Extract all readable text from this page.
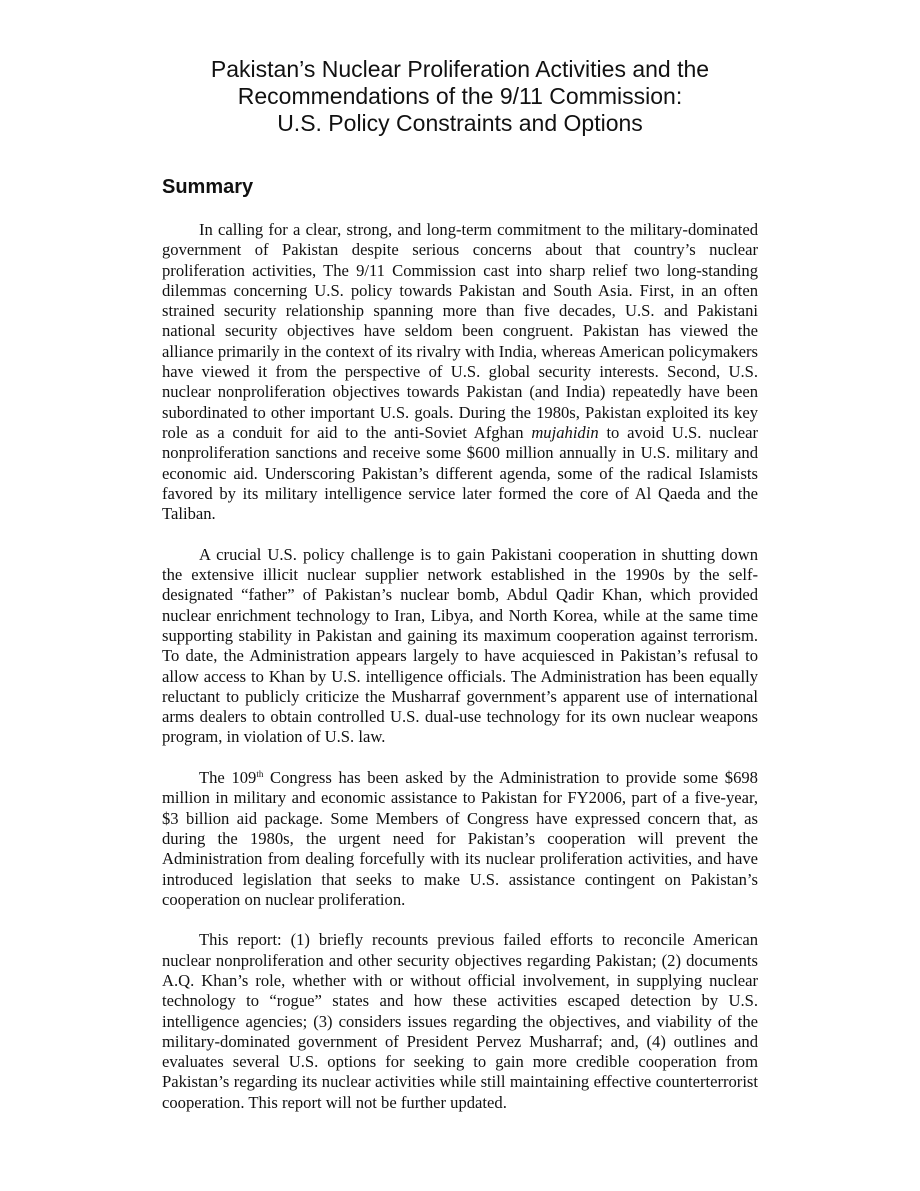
Pakistan’s Nuclear Proliferation Activities and the
Recommendations of the 9/11 Commission:
U.S. Policy Constraints and Options
Summary

In calling for a clear, strong, and long-term commitment to the military-dominated government of Pakistan despite serious concerns about that country’s nuclear proliferation activities, The 9/11 Commission cast into sharp relief two long-standing dilemmas concerning U.S. policy towards Pakistan and South Asia. First, in an often strained security relationship spanning more than five decades, U.S. and Pakistani national security objectives have seldom been congruent. Pakistan has viewed the alliance primarily in the context of its rivalry with India, whereas American policymakers have viewed it from the perspective of U.S. global security interests. Second, U.S. nuclear nonproliferation objectives towards Pakistan (and India) repeatedly have been subordinated to other important U.S. goals. During the 1980s, Pakistan exploited its key role as a conduit for aid to the anti-Soviet Afghan mujahidin to avoid U.S. nuclear nonproliferation sanctions and receive some $600 million annually in U.S. military and economic aid. Underscoring Pakistan’s different agenda, some of the radical Islamists favored by its military intelligence service later formed the core of Al Qaeda and the Taliban.

A crucial U.S. policy challenge is to gain Pakistani cooperation in shutting down the extensive illicit nuclear supplier network established in the 1990s by the self-designated “father” of Pakistan’s nuclear bomb, Abdul Qadir Khan, which provided nuclear enrichment technology to Iran, Libya, and North Korea, while at the same time supporting stability in Pakistan and gaining its maximum cooperation against terrorism. To date, the Administration appears largely to have acquiesced in Pakistan’s refusal to allow access to Khan by U.S. intelligence officials. The Administration has been equally reluctant to publicly criticize the Musharraf government’s apparent use of international arms dealers to obtain controlled U.S. dual-use technology for its own nuclear weapons program, in violation of U.S. law.

The 109th Congress has been asked by the Administration to provide some $698 million in military and economic assistance to Pakistan for FY2006, part of a five-year, $3 billion aid package. Some Members of Congress have expressed concern that, as during the 1980s, the urgent need for Pakistan’s cooperation will prevent the Administration from dealing forcefully with its nuclear proliferation activities, and have introduced legislation that seeks to make U.S. assistance contingent on Pakistan’s cooperation on nuclear proliferation.

This report: (1) briefly recounts previous failed efforts to reconcile American nuclear nonproliferation and other security objectives regarding Pakistan; (2) documents A.Q. Khan’s role, whether with or without official involvement, in supplying nuclear technology to “rogue” states and how these activities escaped detection by U.S. intelligence agencies; (3) considers issues regarding the objectives, and viability of the military-dominated government of President Pervez Musharraf; and, (4) outlines and evaluates several U.S. options for seeking to gain more credible cooperation from Pakistan’s regarding its nuclear activities while still maintaining effective counterterrorist cooperation. This report will not be further updated.
